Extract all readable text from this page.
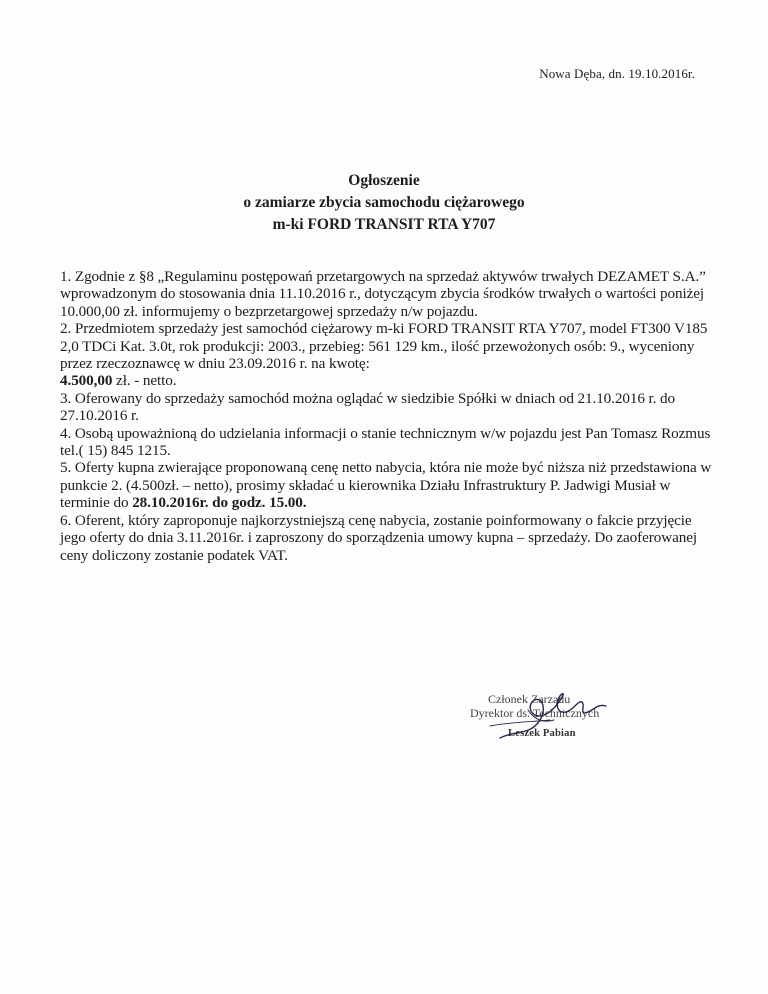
Nowa Dęba, dn. 19.10.2016r.
Ogłoszenie
o zamiarze zbycia samochodu ciężarowego
m-ki FORD TRANSIT RTA Y707

1. Zgodnie z §8 „Regulaminu postępowań przetargowych na sprzedaż aktywów trwałych DEZAMET S.A.” wprowadzonym do stosowania dnia 11.10.2016 r., dotyczącym zbycia środków trwałych o wartości poniżej 10.000,00 zł. informujemy o bezprzetargowej sprzedaży n/w pojazdu.

2. Przedmiotem sprzedaży jest samochód ciężarowy m-ki FORD TRANSIT RTA Y707, model FT300 V185 2,0 TDCi Kat. 3.0t, rok produkcji: 2003., przebieg: 561 129 km., ilość przewożonych osób: 9., wyceniony przez rzeczoznawcę w dniu 23.09.2016 r. na kwotę:
4.500,00 zł. - netto.

3. Oferowany do sprzedaży samochód można oglądać w siedzibie Spółki w dniach od 21.10.2016 r. do 27.10.2016 r.

4. Osobą upoważnioną do udzielania informacji o stanie technicznym w/w pojazdu jest Pan Tomasz Rozmus tel.( 15) 845 1215.

5. Oferty kupna zwierające proponowaną cenę netto nabycia, która nie może być niższa niż przedstawiona w punkcie 2. (4.500zł. – netto), prosimy składać u kierownika Działu Infrastruktury P. Jadwigi Musiał w terminie do 28.10.2016r. do godz. 15.00.

6. Oferent, który zaproponuje najkorzystniejszą cenę nabycia, zostanie poinformowany o fakcie przyjęcie jego oferty do dnia 3.11.2016r. i zaproszony do sporządzenia umowy kupna – sprzedaży. Do zaoferowanej ceny doliczony zostanie podatek VAT.

Członek Zarządu
Dyrektor ds. Technicznych
Leszek Pabian
